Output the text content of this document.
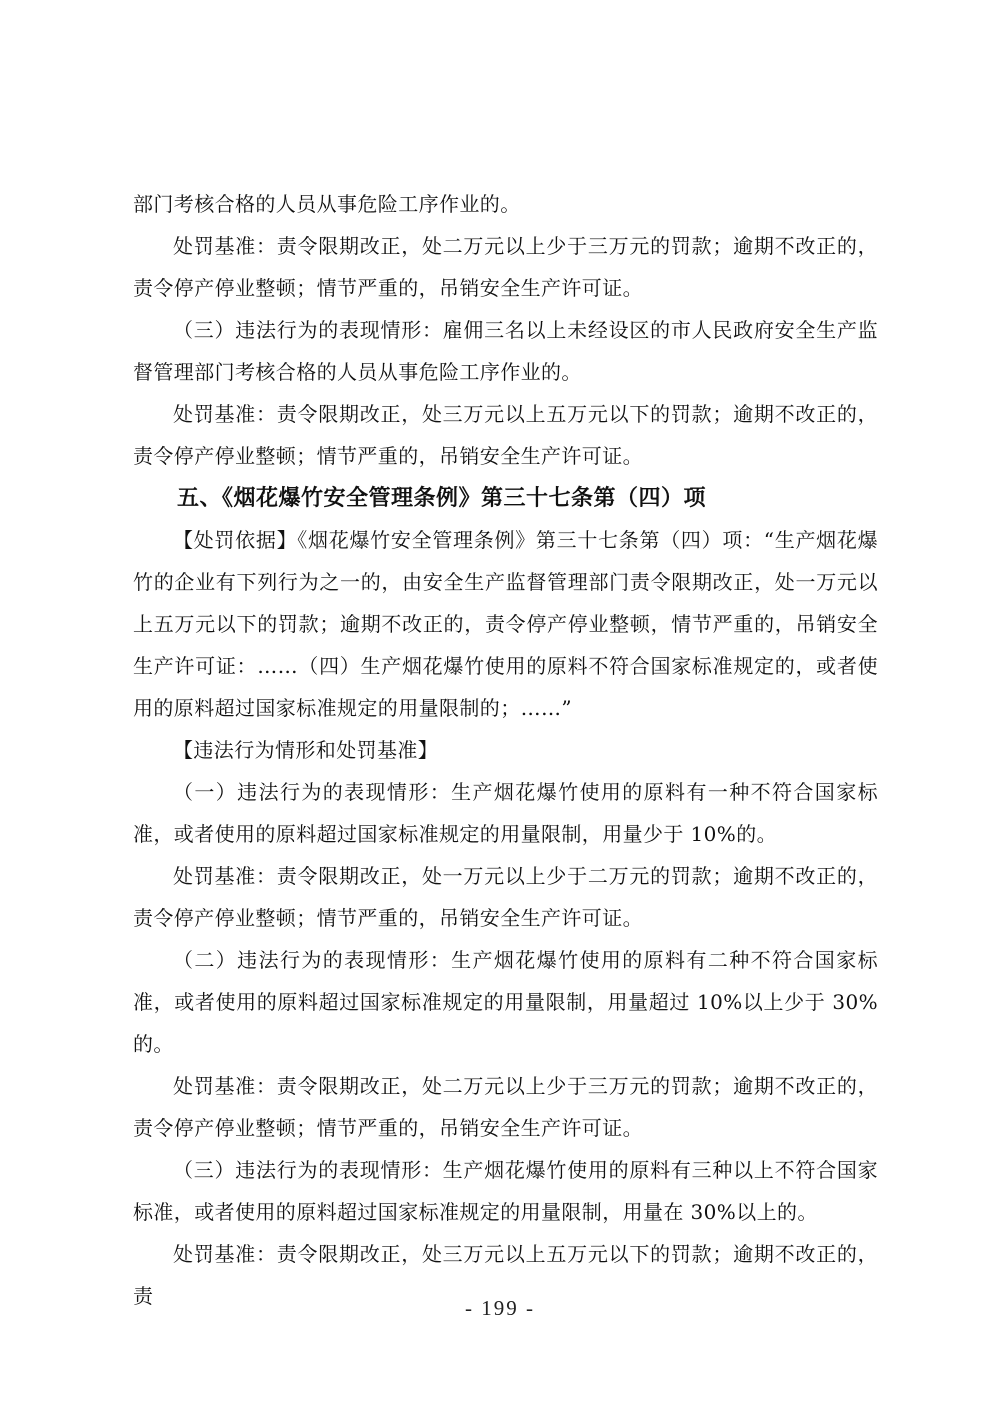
部门考核合格的人员从事危险工序作业的。

处罚基准：责令限期改正，处二万元以上少于三万元的罚款；逾期不改正的，责令停产停业整顿；情节严重的，吊销安全生产许可证。

（三）违法行为的表现情形：雇佣三名以上未经设区的市人民政府安全生产监督管理部门考核合格的人员从事危险工序作业的。

处罚基准：责令限期改正，处三万元以上五万元以下的罚款；逾期不改正的，责令停产停业整顿；情节严重的，吊销安全生产许可证。

五、《烟花爆竹安全管理条例》第三十七条第（四）项

【处罚依据】《烟花爆竹安全管理条例》第三十七条第（四）项：“生产烟花爆竹的企业有下列行为之一的，由安全生产监督管理部门责令限期改正，处一万元以上五万元以下的罚款；逾期不改正的，责令停产停业整顿，情节严重的，吊销安全生产许可证：……（四）生产烟花爆竹使用的原料不符合国家标准规定的，或者使用的原料超过国家标准规定的用量限制的；……”

【违法行为情形和处罚基准】

（一）违法行为的表现情形：生产烟花爆竹使用的原料有一种不符合国家标准，或者使用的原料超过国家标准规定的用量限制，用量少于 10%的。

处罚基准：责令限期改正，处一万元以上少于二万元的罚款；逾期不改正的，责令停产停业整顿；情节严重的，吊销安全生产许可证。

（二）违法行为的表现情形：生产烟花爆竹使用的原料有二种不符合国家标准，或者使用的原料超过国家标准规定的用量限制，用量超过 10%以上少于 30%的。

处罚基准：责令限期改正，处二万元以上少于三万元的罚款；逾期不改正的，责令停产停业整顿；情节严重的，吊销安全生产许可证。

（三）违法行为的表现情形：生产烟花爆竹使用的原料有三种以上不符合国家标准，或者使用的原料超过国家标准规定的用量限制，用量在 30%以上的。

处罚基准：责令限期改正，处三万元以上五万元以下的罚款；逾期不改正的，责	- 199 -
